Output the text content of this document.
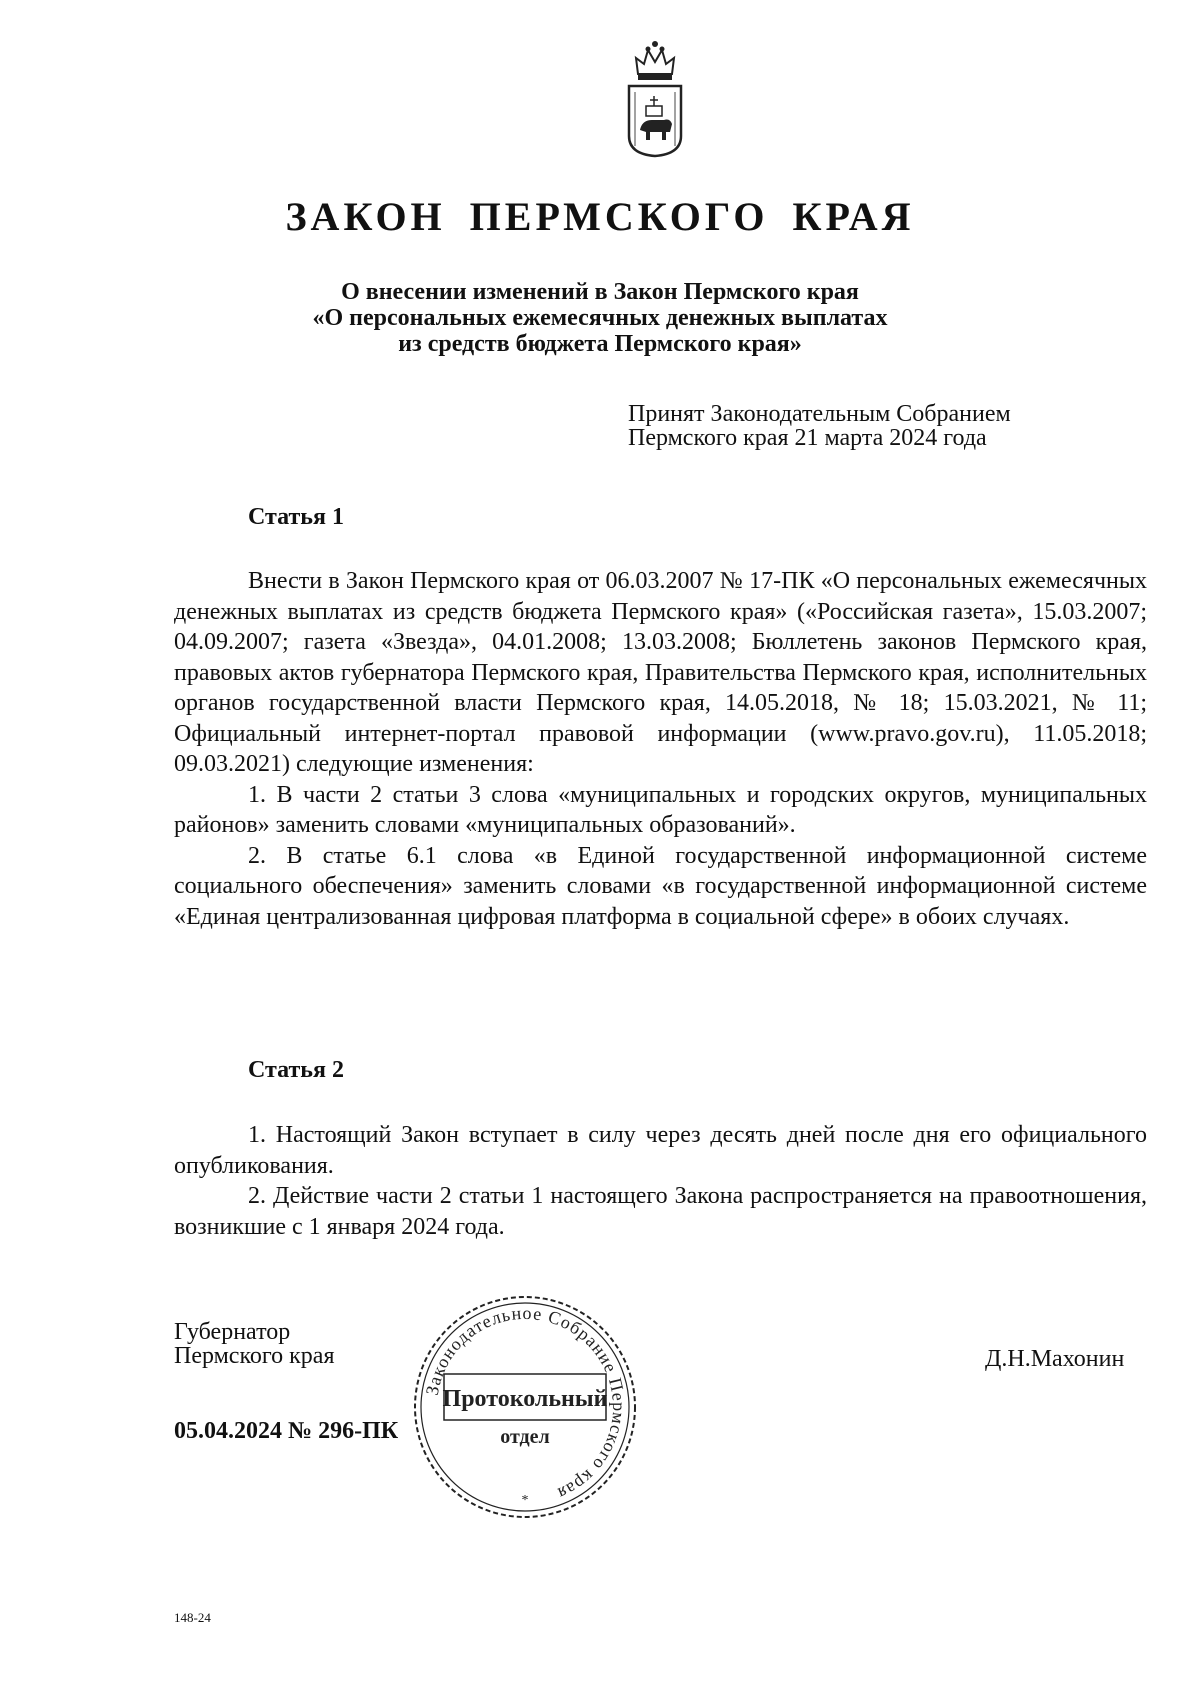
ЗАКОН ПЕРМСКОГО КРАЯ
О внесении изменений в Закон Пермского края
«О персональных ежемесячных денежных выплатах
из средств бюджета Пермского края»
Принят Законодательным Собранием
Пермского края 21 марта 2024 года
Статья 1

Внести в Закон Пермского края от 06.03.2007 № 17-ПК «О персональных ежемесячных денежных выплатах из средств бюджета Пермского края» («Российская газета», 15.03.2007; 04.09.2007; газета «Звезда», 04.01.2008; 13.03.2008; Бюллетень законов Пермского края, правовых актов губернатора Пермского края, Правительства Пермского края, исполнительных органов государственной власти Пермского края, 14.05.2018, № 18; 15.03.2021, № 11; Официальный интернет-портал правовой информации (www.pravo.gov.ru), 11.05.2018; 09.03.2021) следующие изменения:

1. В части 2 статьи 3 слова «муниципальных и городских округов, муниципальных районов» заменить словами «муниципальных образований».

2. В статье 6.1 слова «в Единой государственной информационной системе социального обеспечения» заменить словами «в государственной информационной системе «Единая централизованная цифровая платформа в социальной сфере» в обоих случаях.

Статья 2

1. Настоящий Закон вступает в силу через десять дней после дня его официального опубликования.

2. Действие части 2 статьи 1 настоящего Закона распространяется на правоотношения, возникшие с 1 января 2024 года.

Губернатор
Пермского края	Д.Н.Махонин
05.04.2024 № 296-ПК
Законодательное Собрание Пермского края
Протокольный
отдел
*
148-24
